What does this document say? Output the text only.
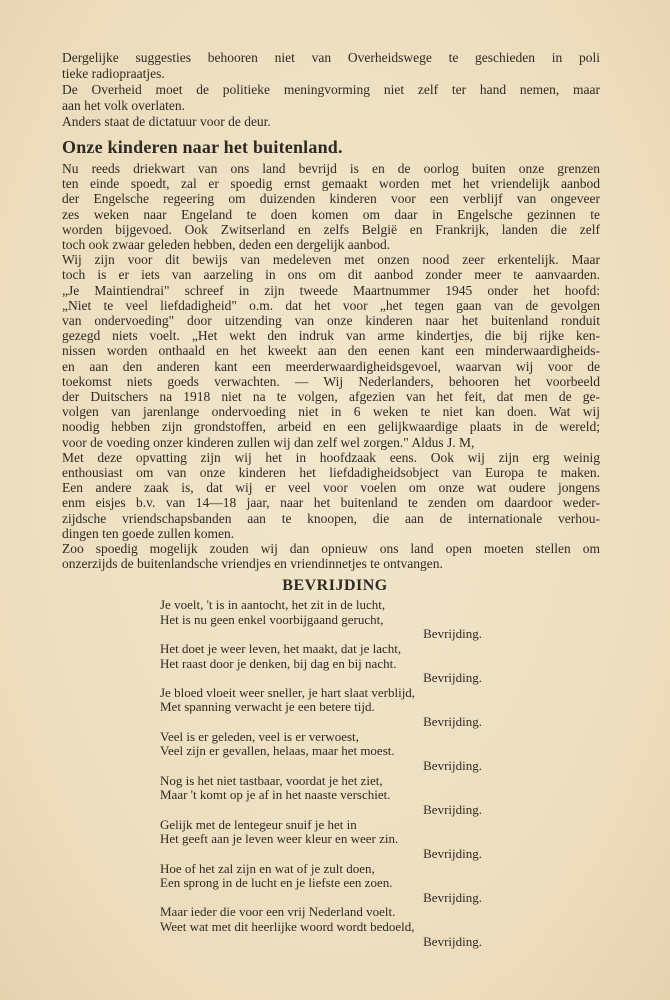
Dergelijke suggesties behooren niet van Overheidswege te geschieden in poli
tieke radiopraatjes.
De Overheid moet de politieke meningvorming niet zelf ter hand nemen, maar
aan het volk overlaten.
Anders staat de dictatuur voor de deur.
Onze kinderen naar het buitenland.
Nu reeds driekwart van ons land bevrijd is en de oorlog buiten onze grenzen
ten einde spoedt, zal er spoedig ernst gemaakt worden met het vriendelijk aanbod
der Engelsche regeering om duizenden kinderen voor een verblijf van ongeveer
zes weken naar Engeland te doen komen om daar in Engelsche gezinnen te
worden bijgevoed. Ook Zwitserland en zelfs België en Frankrijk, landen die zelf
toch ook zwaar geleden hebben, deden een dergelijk aanbod.
Wij zijn voor dit bewijs van medeleven met onzen nood zeer erkentelijk. Maar
toch is er iets van aarzeling in ons om dit aanbod zonder meer te aanvaarden.
„Je Maintiendrai" schreef in zijn tweede Maartnummer 1945 onder het hoofd:
„Niet te veel liefdadigheid" o.m. dat het voor „het tegen gaan van de gevolgen
van ondervoeding" door uitzending van onze kinderen naar het buitenland ronduit
gezegd niets voelt. „Het wekt den indruk van arme kindertjes, die bij rijke ken-
nissen worden onthaald en het kweekt aan den eenen kant een minderwaardigheids-
en aan den anderen kant een meerderwaardigheidsgevoel, waarvan wij voor de
toekomst niets goeds verwachten. — Wij Nederlanders, behooren het voorbeeld
der Duitschers na 1918 niet na te volgen, afgezien van het feit, dat men de ge-
volgen van jarenlange ondervoeding niet in 6 weken te niet kan doen. Wat wij
noodig hebben zijn grondstoffen, arbeid en een gelijkwaardige plaats in de wereld;
voor de voeding onzer kinderen zullen wij dan zelf wel zorgen." Aldus J. M,
Met deze opvatting zijn wij het in hoofdzaak eens. Ook wij zijn erg weinig
enthousiast om van onze kinderen het liefdadigheidsobject van Europa te maken.
Een andere zaak is, dat wij er veel voor voelen om onze wat oudere jongens
enm eisjes b.v. van 14—18 jaar, naar het buitenland te zenden om daardoor weder-
zijdsche vriendschapsbanden aan te knoopen, die aan de internationale verhou-
dingen ten goede zullen komen.
Zoo spoedig mogelijk zouden wij dan opnieuw ons land open moeten stellen om
onzerzijds de buitenlandsche vriendjes en vriendinnetjes te ontvangen.
BEVRIJDING
Je voelt, 't is in aantocht, het zit in de lucht,
Het is nu geen enkel voorbijgaand gerucht,
Bevrijding.
Het doet je weer leven, het maakt, dat je lacht,
Het raast door je denken, bij dag en bij nacht.
Bevrijding.
Je bloed vloeit weer sneller, je hart slaat verblijd,
Met spanning verwacht je een betere tijd.
Bevrijding.
Veel is er geleden, veel is er verwoest,
Veel zijn er gevallen, helaas, maar het moest.
Bevrijding.
Nog is het niet tastbaar, voordat je het ziet,
Maar 't komt op je af in het naaste verschiet.
Bevrijding.
Gelijk met de lentegeur snuif je het in
Het geeft aan je leven weer kleur en weer zin.
Bevrijding.
Hoe of het zal zijn en wat of je zult doen,
Een sprong in de lucht en je liefste een zoen.
Bevrijding.
Maar ieder die voor een vrij Nederland voelt.
Weet wat met dit heerlijke woord wordt bedoeld,
Bevrijding.
